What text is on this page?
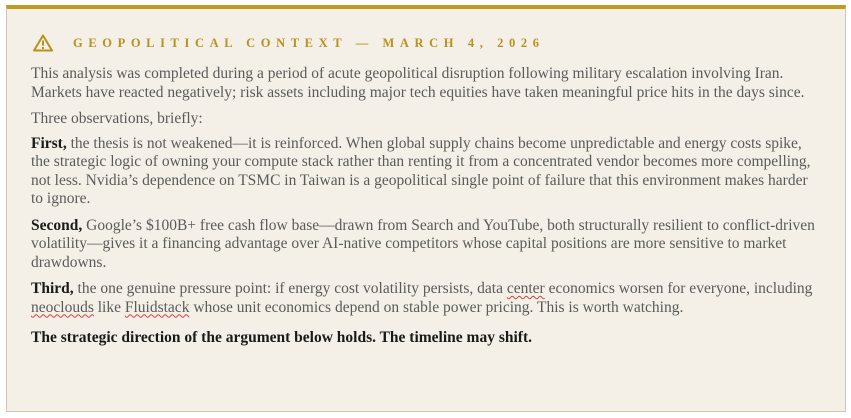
GEOPOLITICAL CONTEXT — MARCH 4, 2026

This analysis was completed during a period of acute geopolitical disruption following military escalation involving Iran. Markets have reacted negatively; risk assets including major tech equities have taken meaningful price hits in the days since.

Three observations, briefly:

First, the thesis is not weakened—it is reinforced. When global supply chains become unpredictable and energy costs spike, the strategic logic of owning your compute stack rather than renting it from a concentrated vendor becomes more compelling, not less. Nvidia’s dependence on TSMC in Taiwan is a geopolitical single point of failure that this environment makes harder to ignore.

Second, Google’s $100B+ free cash flow base—drawn from Search and YouTube, both structurally resilient to conflict-driven volatility—gives it a financing advantage over AI-native competitors whose capital positions are more sensitive to market drawdowns.

Third, the one genuine pressure point: if energy cost volatility persists, data center economics worsen for everyone, including neoclouds like Fluidstack whose unit economics depend on stable power pricing. This is worth watching.

The strategic direction of the argument below holds. The timeline may shift.
